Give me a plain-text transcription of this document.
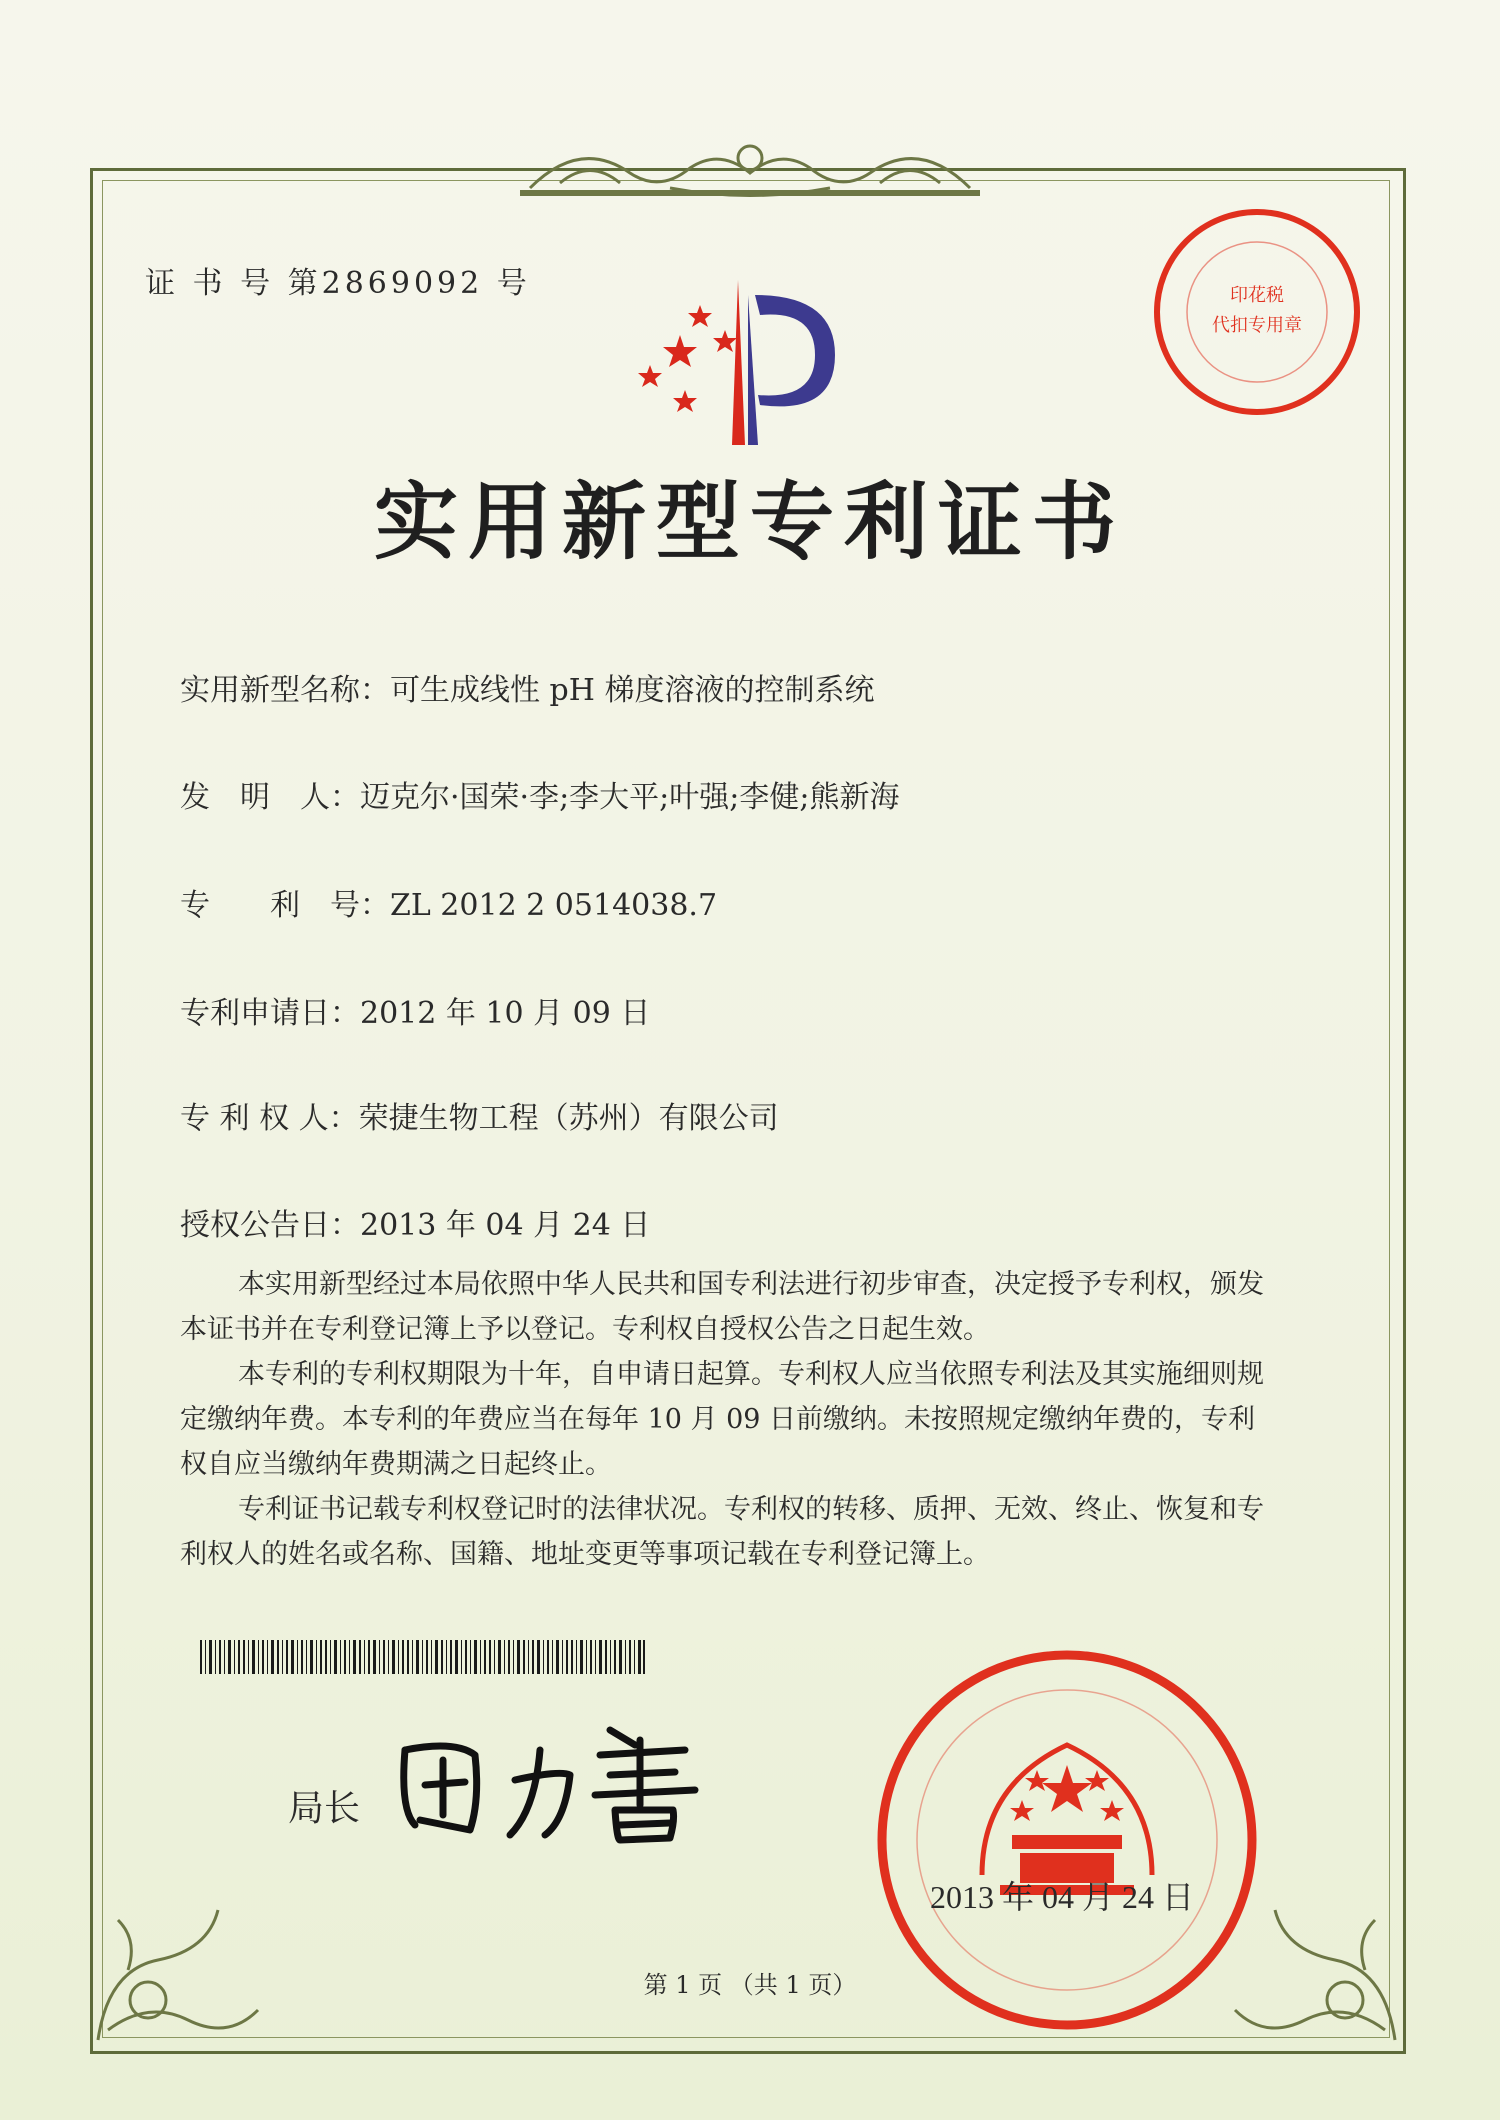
证 书 号 第2869092 号
实用新型专利证书
印花税
代扣专用章
实用新型名称：可生成线性 pH 梯度溶液的控制系统
发　明　人：迈克尔·国荣·李;李大平;叶强;李健;熊新海
专　　利　号：ZL 2012 2 0514038.7
专利申请日：2012 年 10 月 09 日
专 利 权 人：荣捷生物工程（苏州）有限公司
授权公告日：2013 年 04 月 24 日
本实用新型经过本局依照中华人民共和国专利法进行初步审查，决定授予专利权，颁发本证书并在专利登记簿上予以登记。专利权自授权公告之日起生效。
本专利的专利权期限为十年，自申请日起算。专利权人应当依照专利法及其实施细则规定缴纳年费。本专利的年费应当在每年 10 月 09 日前缴纳。未按照规定缴纳年费的，专利权自应当缴纳年费期满之日起终止。
专利证书记载专利权登记时的法律状况。专利权的转移、质押、无效、终止、恢复和专利权人的姓名或名称、国籍、地址变更等事项记载在专利登记簿上。
局长
2013 年 04 月 24 日
第 1 页 （共 1 页）
